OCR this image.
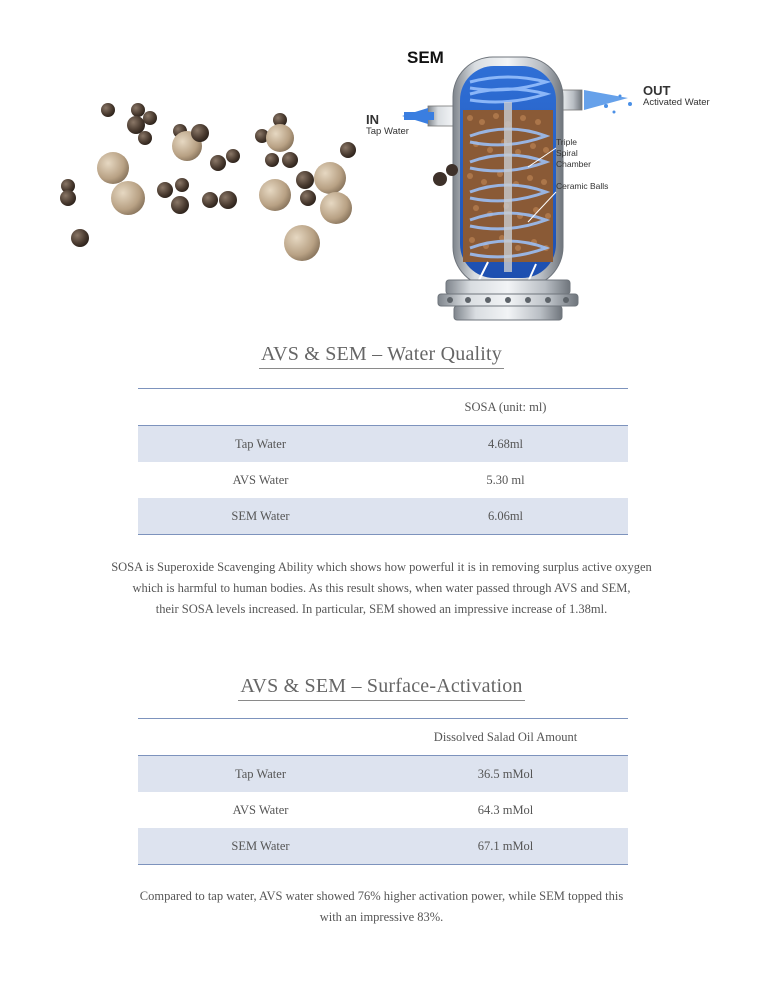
SEM
IN
Tap Water
OUT
Activated Water
Triple
Spiral
Chamber
Ceramic Balls
AVS & SEM – Water Quality
SOSA (unit: ml)
Tap Water	4.68ml
AVS Water	5.30 ml
SEM Water	6.06ml

SOSA is Superoxide Scavenging Ability which shows how powerful it is in removing surplus active oxygen

which is harmful to human bodies. As this result shows, when water passed through AVS and SEM,

their SOSA levels increased. In particular, SEM showed an impressive increase of 1.38ml.

AVS & SEM – Surface-Activation
Dissolved Salad Oil Amount
Tap Water	36.5 mMol
AVS Water	64.3 mMol
SEM Water	67.1 mMol

Compared to tap water, AVS water showed 76% higher activation power, while SEM topped this

with an impressive 83%.
